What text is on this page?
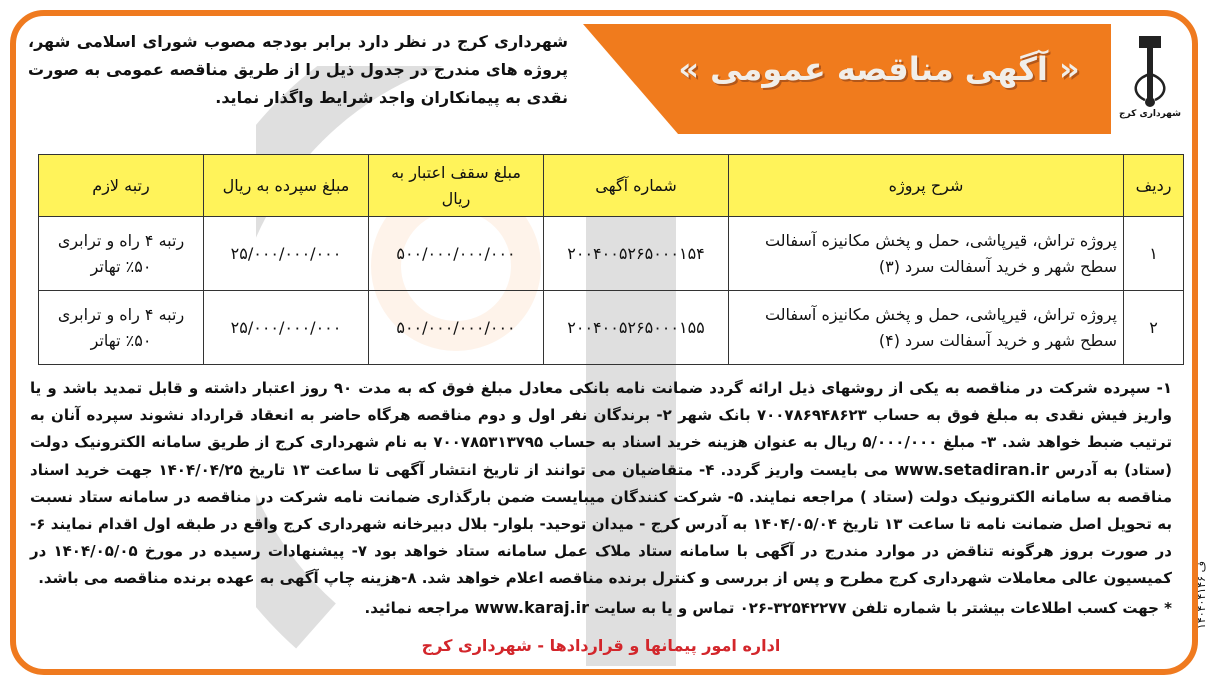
« آگهی مناقصه عمومی »
شهرداری کرج
شهرداری کرج در نظر دارد برابر بودجه مصوب شورای اسلامی شهر، پروژه های مندرج در جدول ذیل را از طریق مناقصه عمومی به صورت نقدی به پیمانکاران واجد شرایط واگذار نماید.
ردیف	شرح پروژه	شماره آگهی	مبلغ سقف اعتبار به ریال	مبلغ سپرده به ریال	رتبه لازم
۱	پروژه تراش، قیرپاشی، حمل و پخش مکانیزه آسفالت سطح شهر و خرید آسفالت سرد (۳)	۲۰۰۴۰۰۵۲۶۵۰۰۰۱۵۴	۵۰۰/۰۰۰/۰۰۰/۰۰۰	۲۵/۰۰۰/۰۰۰/۰۰۰	رتبه ۴ راه و ترابری ۵۰٪ تهاتر
۲	پروژه تراش، قیرپاشی، حمل و پخش مکانیزه آسفالت سطح شهر و خرید آسفالت سرد (۴)	۲۰۰۴۰۰۵۲۶۵۰۰۰۱۵۵	۵۰۰/۰۰۰/۰۰۰/۰۰۰	۲۵/۰۰۰/۰۰۰/۰۰۰	رتبه ۴ راه و ترابری ۵۰٪ تهاتر
۱- سپرده شرکت در مناقصه به یکی از روشهای ذیل ارائه گردد ضمانت نامه بانکی معادل مبلغ فوق که به مدت ۹۰ روز اعتبار داشته و قابل تمدید باشد و یا واریز فیش نقدی به مبلغ فوق به حساب ۷۰۰۷۸۶۹۴۸۶۲۳ بانک شهر ۲- برندگان نفر اول و دوم مناقصه هرگاه حاضر به انعقاد قرارداد نشوند سپرده آنان به ترتیب ضبط خواهد شد. ۳- مبلغ ۵/۰۰۰/۰۰۰ ریال به عنوان هزینه خرید اسناد به حساب ۷۰۰۷۸۵۳۱۳۷۹۵ به نام شهرداری کرج از طریق سامانه الکترونیک دولت (ستاد) به آدرس www.setadiran.ir می بایست واریز گردد. ۴- متقاضیان می توانند از تاریخ انتشار آگهی تا ساعت ۱۳ تاریخ ۱۴۰۴/۰۴/۲۵ جهت خرید اسناد مناقصه به سامانه الکترونیک دولت (ستاد ) مراجعه نمایند. ۵- شرکت کنندگان میبایست ضمن بارگذاری ضمانت نامه شرکت در مناقصه در سامانه ستاد نسبت به تحویل اصل ضمانت نامه تا ساعت ۱۳ تاریخ ۱۴۰۴/۰۵/۰۴ به آدرس کرج - میدان توحید- بلوار- بلال دبیرخانه شهرداری کرج واقع در طبقه اول اقدام نمایند ۶- در صورت بروز هرگونه تناقض در موارد مندرج در آگهی با سامانه ستاد ملاک عمل سامانه ستاد خواهد بود ۷- پیشنهادات رسیده در مورخ ۱۴۰۴/۰۵/۰۵ در کمیسیون عالی معاملات شهرداری کرج مطرح و پس از بررسی و کنترل برنده مناقصه اعلام خواهد شد. ۸-هزینه چاپ آگهی به عهده برنده مناقصه می باشد.
* جهت کسب اطلاعات بیشتر با شماره تلفن ۳۲۵۴۲۲۷۷-۰۲۶ تماس و یا به سایت www.karaj.ir مراجعه نمائید.
اداره امور پیمانها و قراردادها - شهرداری کرج
۱۴۰۴۰۴۱۴۶ ف
